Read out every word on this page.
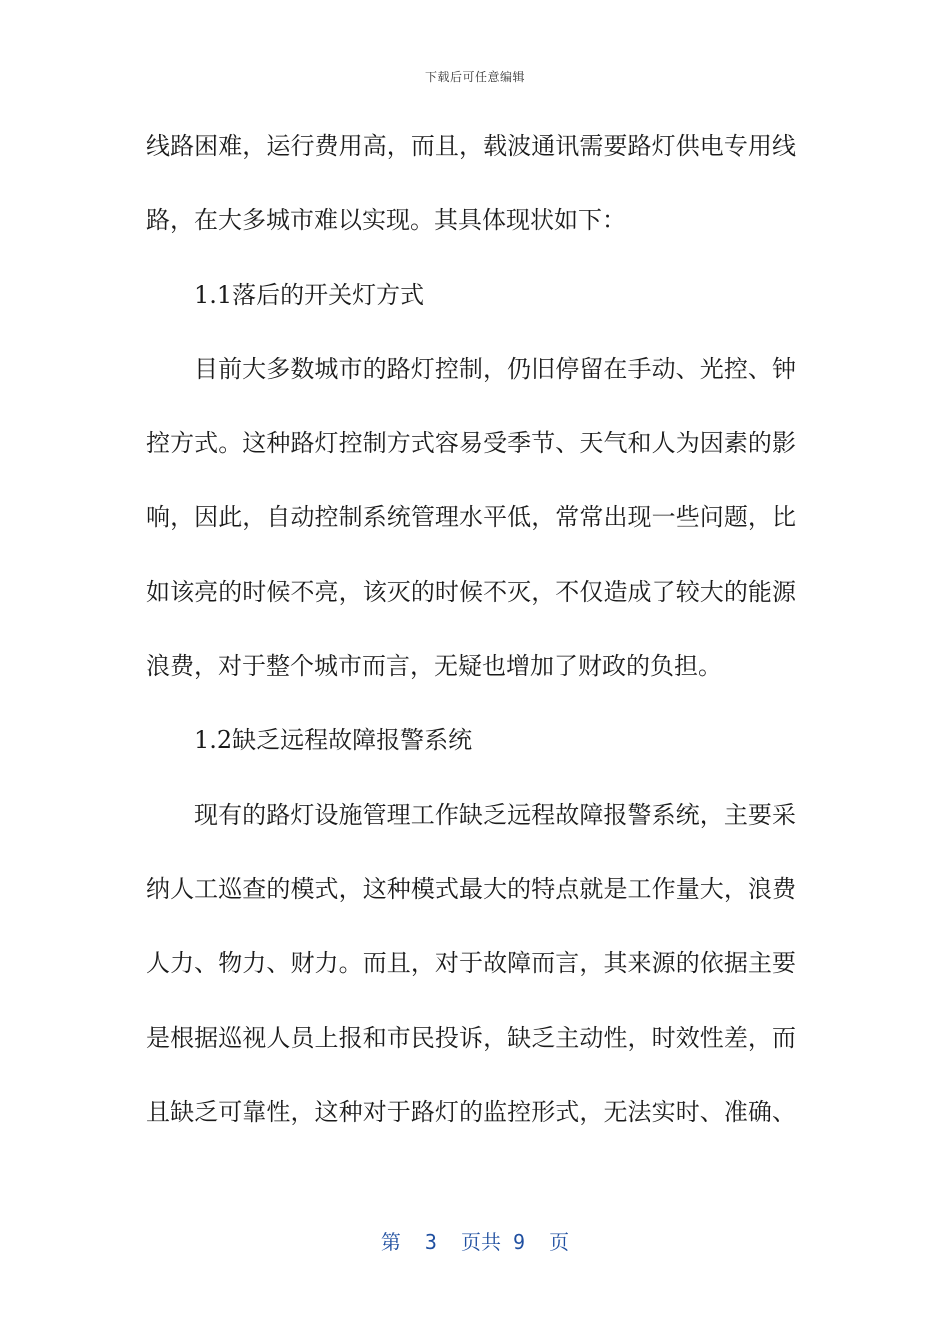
下载后可任意编辑
线路困难，运行费用高，而且，载波通讯需要路灯供电专用线
路，在大多城市难以实现。其具体现状如下：
1.1落后的开关灯方式
目前大多数城市的路灯控制，仍旧停留在手动、光控、钟
控方式。这种路灯控制方式容易受季节、天气和人为因素的影
响，因此，自动控制系统管理水平低，常常出现一些问题，比
如该亮的时候不亮，该灭的时候不灭，不仅造成了较大的能源
浪费，对于整个城市而言，无疑也增加了财政的负担。
1.2缺乏远程故障报警系统
现有的路灯设施管理工作缺乏远程故障报警系统，主要采
纳人工巡查的模式，这种模式最大的特点就是工作量大，浪费
人力、物力、财力。而且，对于故障而言，其来源的依据主要
是根据巡视人员上报和市民投诉，缺乏主动性，时效性差，而
且缺乏可靠性，这种对于路灯的监控形式，无法实时、准确、
第  3  页共 9  页
